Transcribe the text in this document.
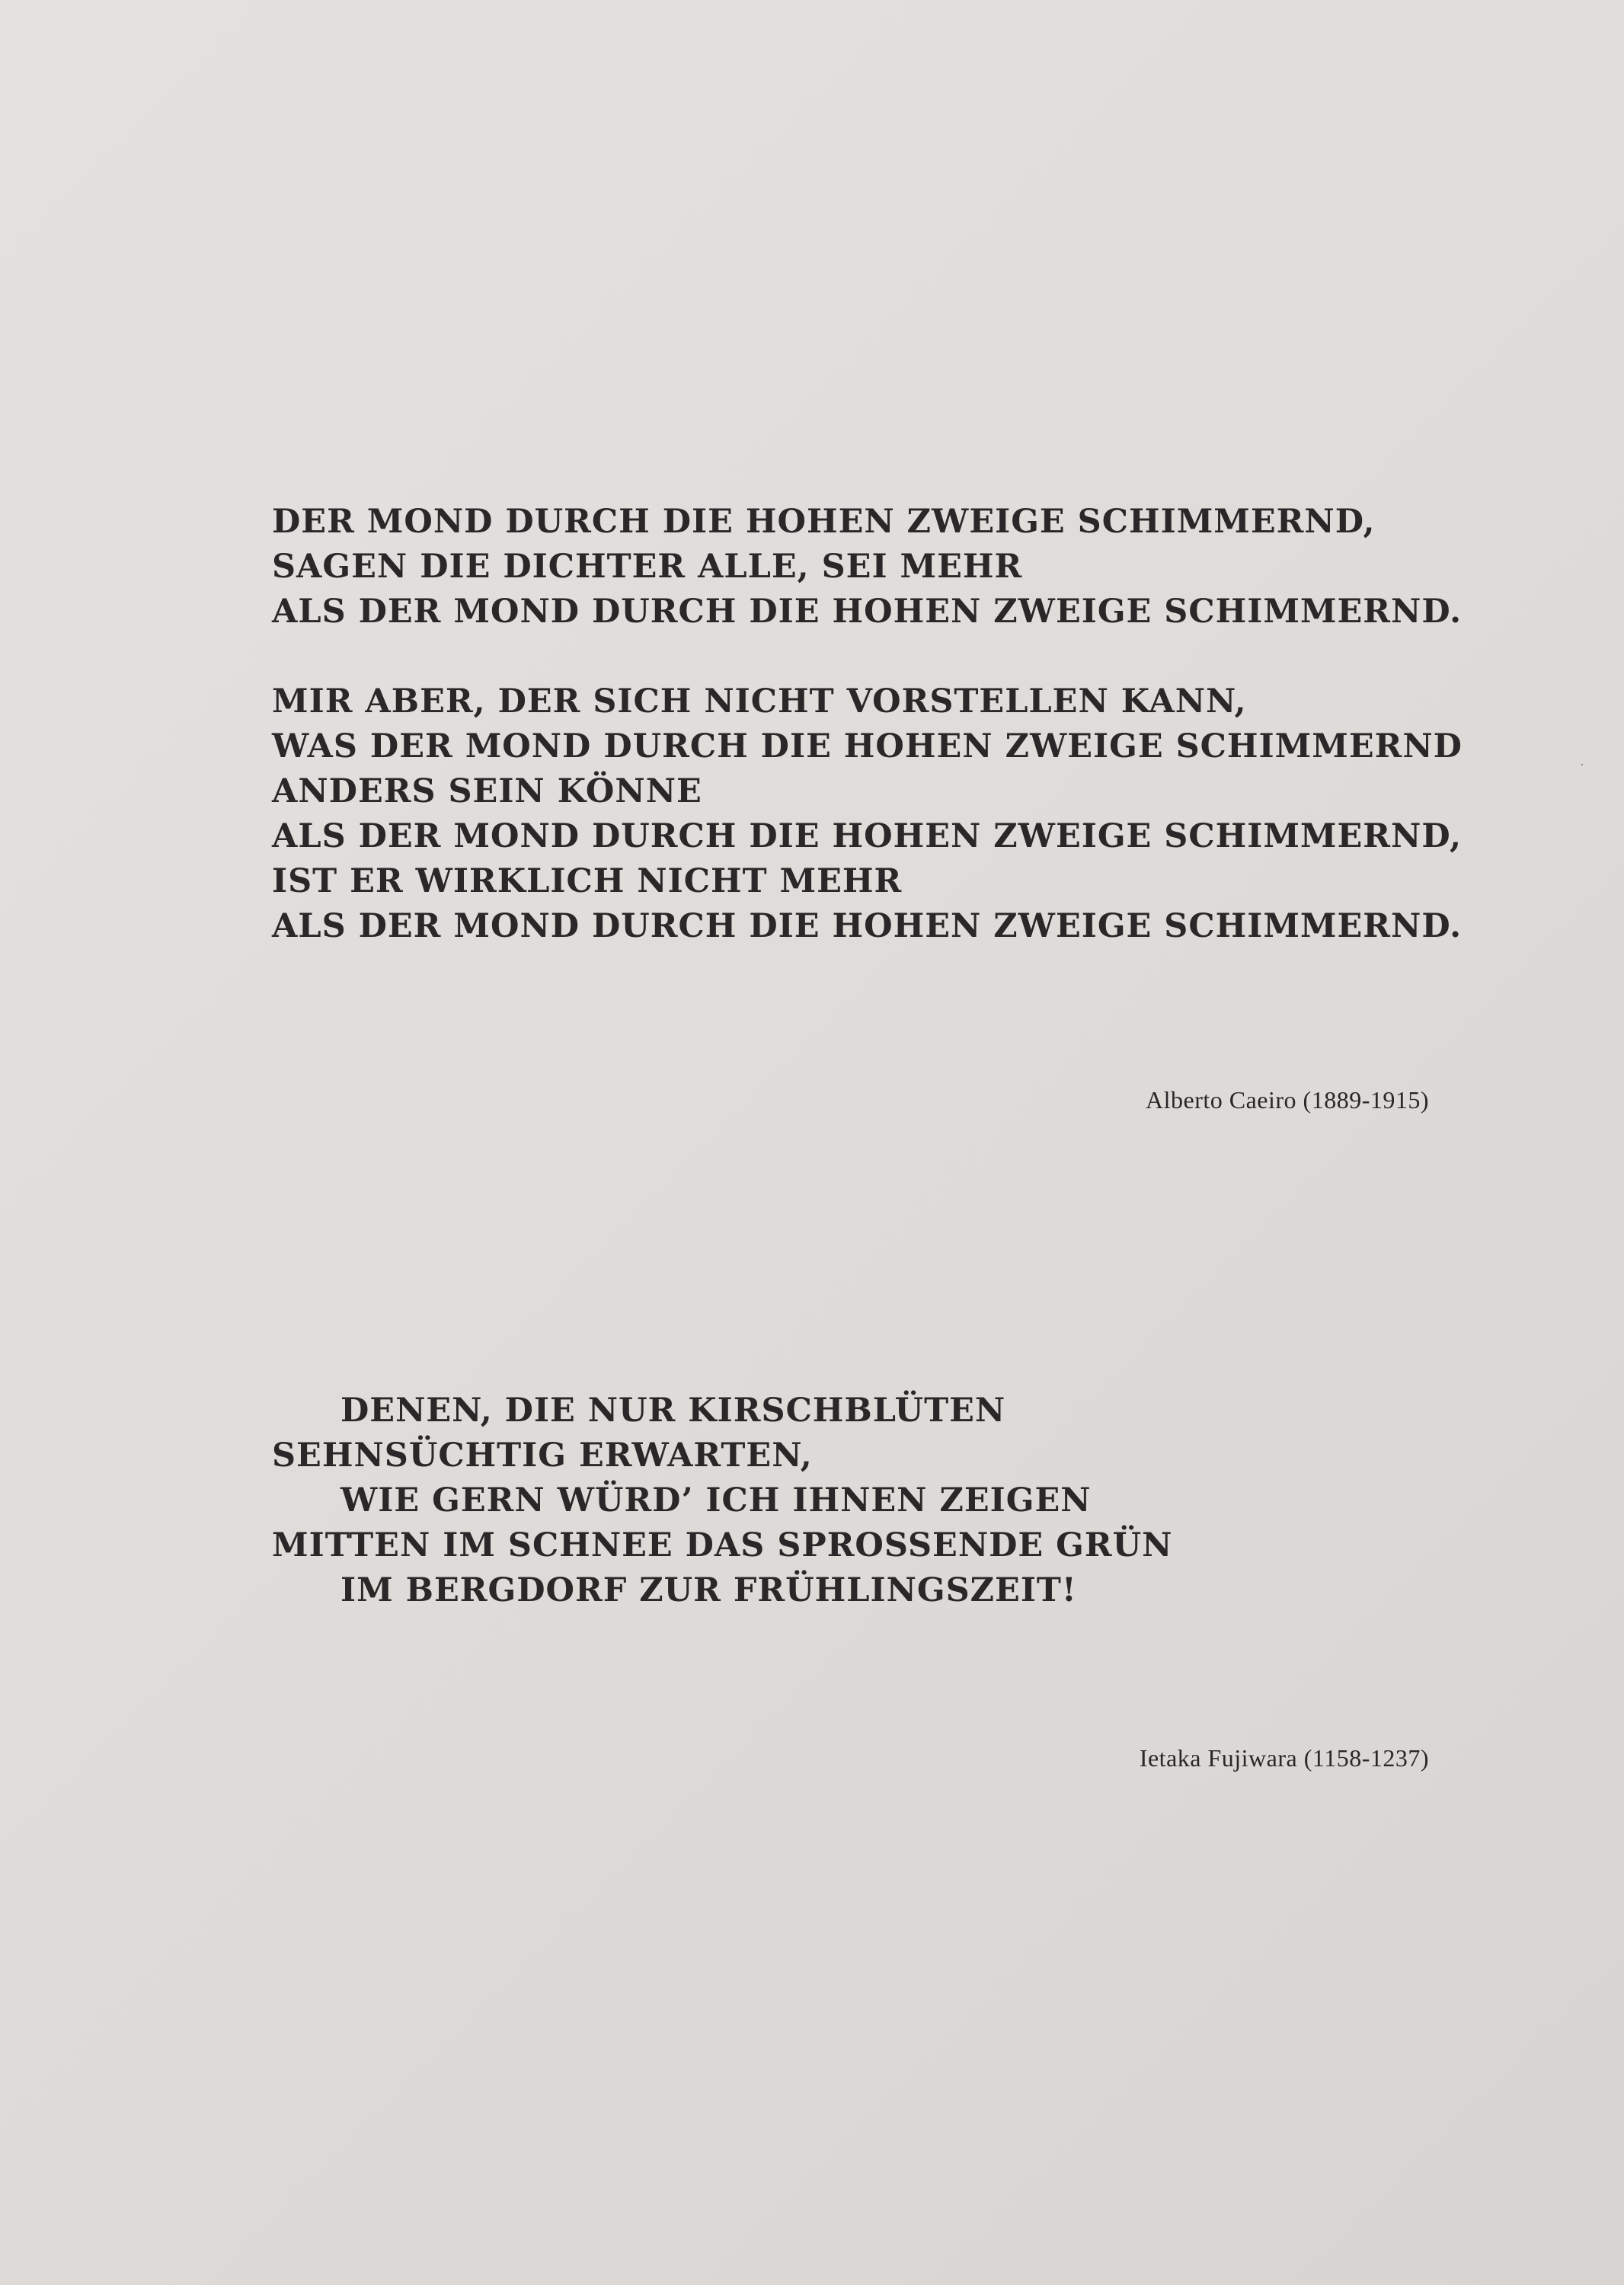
DER MOND DURCH DIE HOHEN ZWEIGE SCHIMMERND,
SAGEN DIE DICHTER ALLE, SEI MEHR
ALS DER MOND DURCH DIE HOHEN ZWEIGE SCHIMMERND.
MIR ABER, DER SICH NICHT VORSTELLEN KANN,
WAS DER MOND DURCH DIE HOHEN ZWEIGE SCHIMMERND
ANDERS SEIN KÖNNE
ALS DER MOND DURCH DIE HOHEN ZWEIGE SCHIMMERND,
IST ER WIRKLICH NICHT MEHR
ALS DER MOND DURCH DIE HOHEN ZWEIGE SCHIMMERND.
Alberto Caeiro (1889-1915)
DENEN, DIE NUR KIRSCHBLÜTEN
SEHNSÜCHTIG ERWARTEN,
WIE GERN WÜRD’ ICH IHNEN ZEIGEN
MITTEN IM SCHNEE DAS SPROSSENDE GRÜN
IM BERGDORF ZUR FRÜHLINGSZEIT!
Ietaka Fujiwara (1158-1237)
